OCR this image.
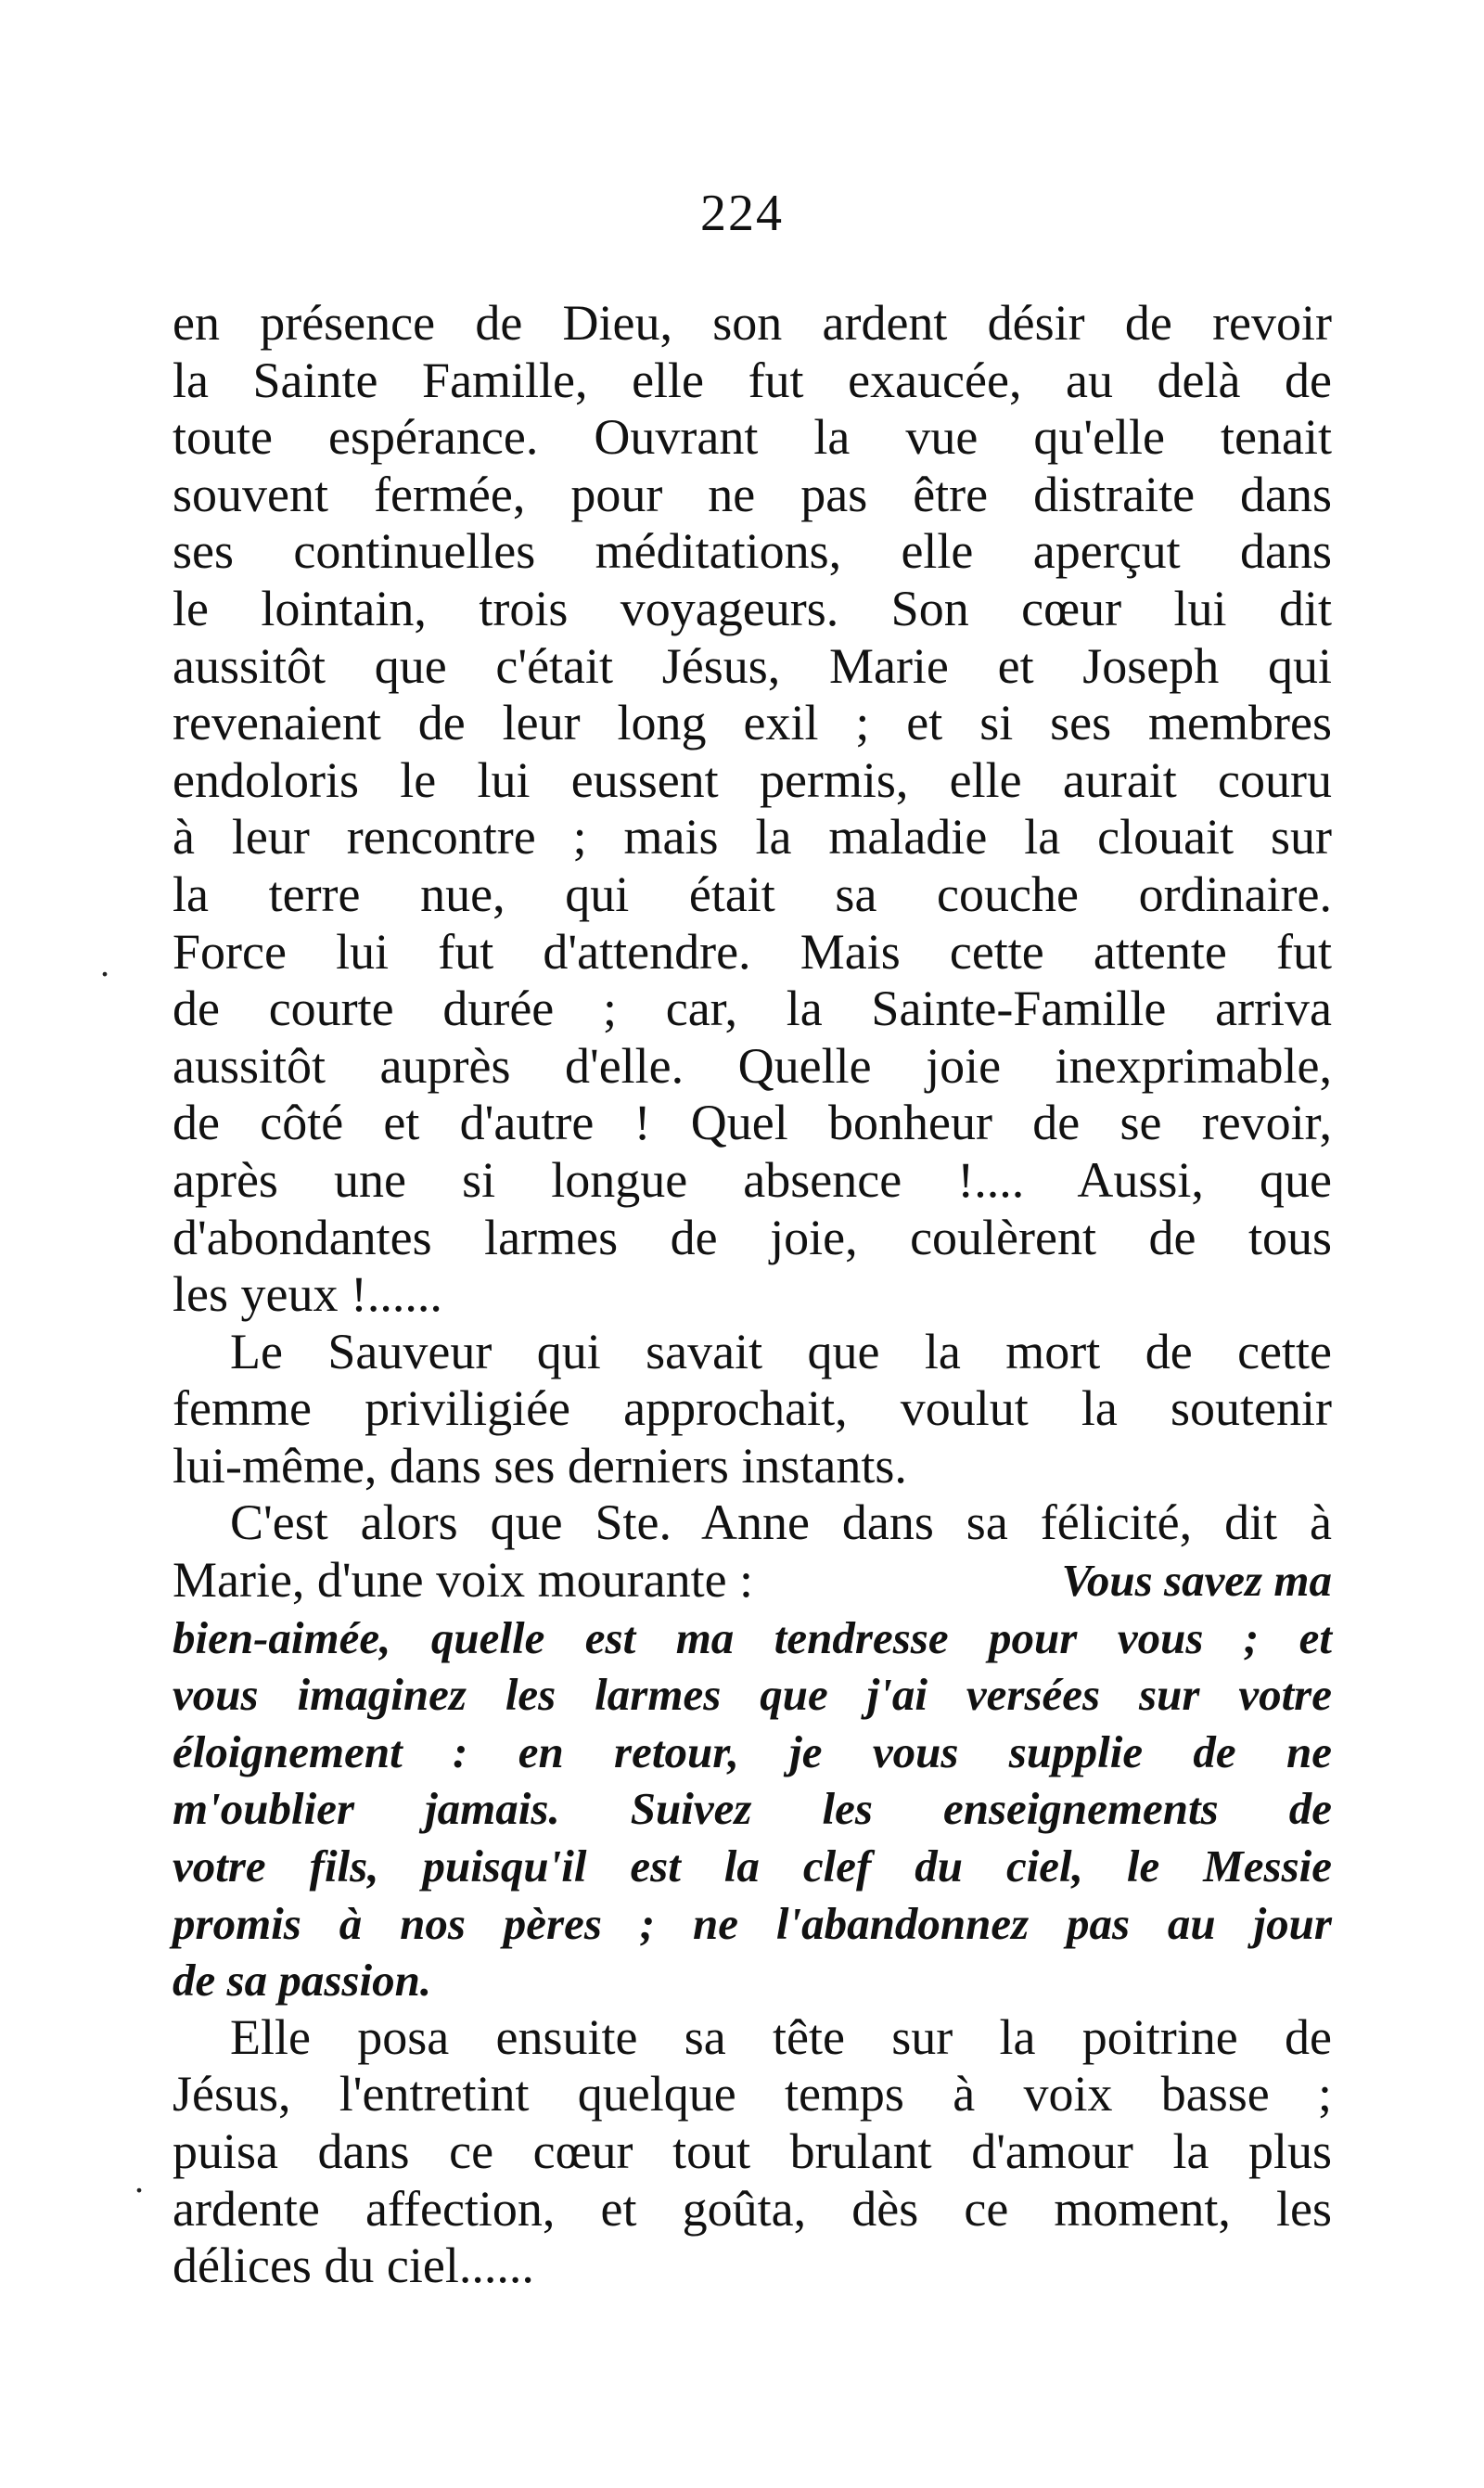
224
en présence de Dieu, son ardent désir de revoir
la Sainte Famille, elle fut exaucée, au delà de
toute espérance. Ouvrant la vue qu'elle tenait
souvent fermée, pour ne pas être distraite dans
ses continuelles méditations, elle aperçut dans
le lointain, trois voyageurs. Son cœur lui dit
aussitôt que c'était Jésus, Marie et Joseph qui
revenaient de leur long exil ; et si ses membres
endoloris le lui eussent permis, elle aurait couru
à leur rencontre ; mais la maladie la clouait sur
la terre nue, qui était sa couche ordinaire.
Force lui fut d'attendre. Mais cette attente fut
de courte durée ; car, la Sainte-Famille arriva
aussitôt auprès d'elle. Quelle joie inexprimable,
de côté et d'autre ! Quel bonheur de se revoir,
après une si longue absence !.... Aussi, que
d'abondantes larmes de joie, coulèrent de tous
les yeux !......
Le Sauveur qui savait que la mort de cette
femme priviligiée approchait, voulut la soutenir
lui-même, dans ses derniers instants.
C'est alors que Ste. Anne dans sa félicité, dit à
Marie, d'une voix mourante :	Vous savez ma
bien-aimée, quelle est ma tendresse pour vous ; et
vous imaginez les larmes que j'ai versées sur votre
éloignement : en retour, je vous supplie de ne
m'oublier jamais. Suivez les enseignements de
votre fils, puisqu'il est la clef du ciel, le Messie
promis à nos pères ; ne l'abandonnez pas au jour
de sa passion.
Elle posa ensuite sa tête sur la poitrine de
Jésus, l'entretint quelque temps à voix basse ;
puisa dans ce cœur tout brulant d'amour la plus
ardente affection, et goûta, dès ce moment, les
délices du ciel......
.
.
